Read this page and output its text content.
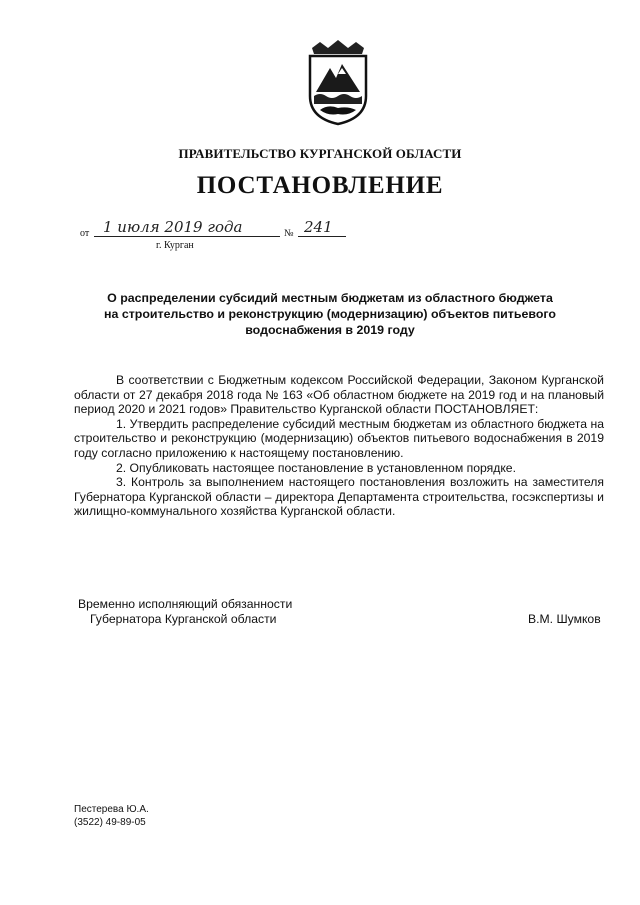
ПРАВИТЕЛЬСТВО КУРГАНСКОЙ ОБЛАСТИ
ПОСТАНОВЛЕНИЕ
от 1 июля 2019 года	№ 241
г. Курган
О распределении субсидий местным бюджетам из областного бюджета
на строительство и реконструкцию (модернизацию) объектов питьевого
водоснабжения в 2019 году

В соответствии с Бюджетным кодексом Российской Федерации, Законом Курганской области от 27 декабря 2018 года № 163 «Об областном бюджете на 2019 год и на плановый период 2020 и 2021 годов» Правительство Курганской области ПОСТАНОВЛЯЕТ:

1. Утвердить распределение субсидий местным бюджетам из областного бюджета на строительство и реконструкцию (модернизацию) объектов питьевого водоснабжения в 2019 году согласно приложению к настоящему постановлению.

2. Опубликовать настоящее постановление в установленном порядке.

3. Контроль за выполнением настоящего постановления возложить на заместителя Губернатора Курганской области – директора Департамента строительства, госэкспертизы и жилищно-коммунального хозяйства Курганской области.

Временно исполняющий обязанности
Губернатора Курганской области	В.М. Шумков
Пестерева Ю.А.
(3522) 49-89-05
